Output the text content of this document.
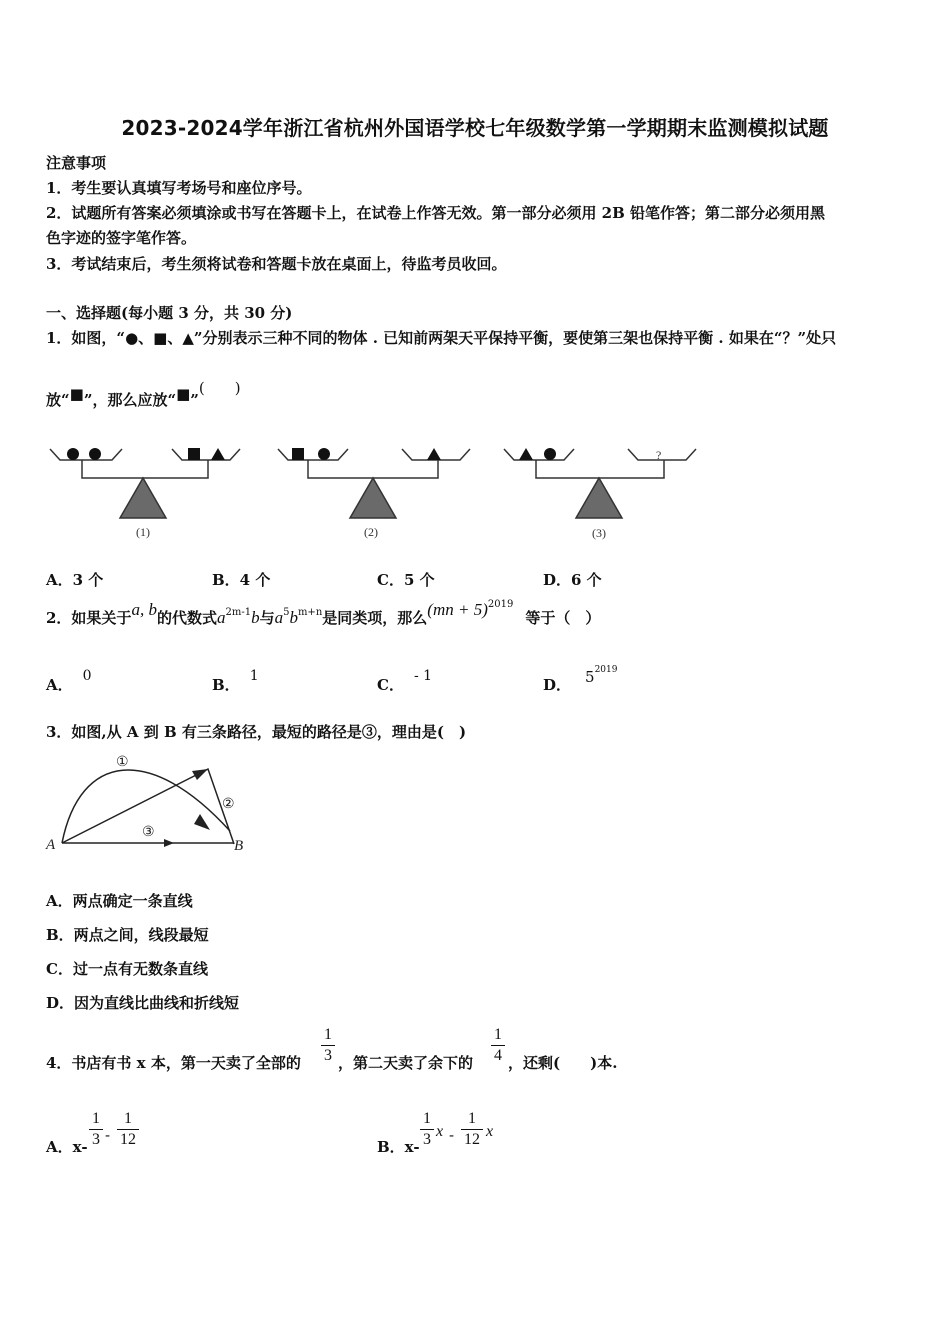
2023-2024学年浙江省杭州外国语学校七年级数学第一学期期末监测模拟试题
注意事项
1．考生要认真填写考场号和座位序号。
2．试题所有答案必须填涂或书写在答题卡上，在试卷上作答无效。第一部分必须用 2B 铅笔作答；第二部分必须用黑
色字迹的签字笔作答。
3．考试结束后，考生须将试卷和答题卡放在桌面上，待监考员收回。
一、选择题(每小题 3 分，共 30 分)
1．如图，“●、■、▲”分别表示三种不同的物体 . 已知前两架天平保持平衡，要使第三架也保持平衡 . 如果在“？”处只
放“■”，那么应放“■”(　　)
(1)	(2)
?
(3)
A．3 个	B．4 个	C．5 个	D．6 个
2．如果关于a, b的代数式$a^{2m-1}b$与$a^5b^{m+n}$是同类项，那么(mn + 5)$^{2019}$等于（　）
A． 0	B． 1	C． - 1	D． $5^{2019}$
3．如图,从 A 到 B 有三条路径，最短的路径是③，理由是(　)
A	B
①
②
③
A．两点确定一条直线
B．两点之间，线段最短
C．过一点有无数条直线
D．因为直线比曲线和折线短
4．书店有书 x 本，第一天卖了全部的
1
3 ，第二天卖了余下的
1
4 ，还剩(　　)本.
A．x-
1
3 -
1
12	B．x-
1
3 x -
1
12 x
